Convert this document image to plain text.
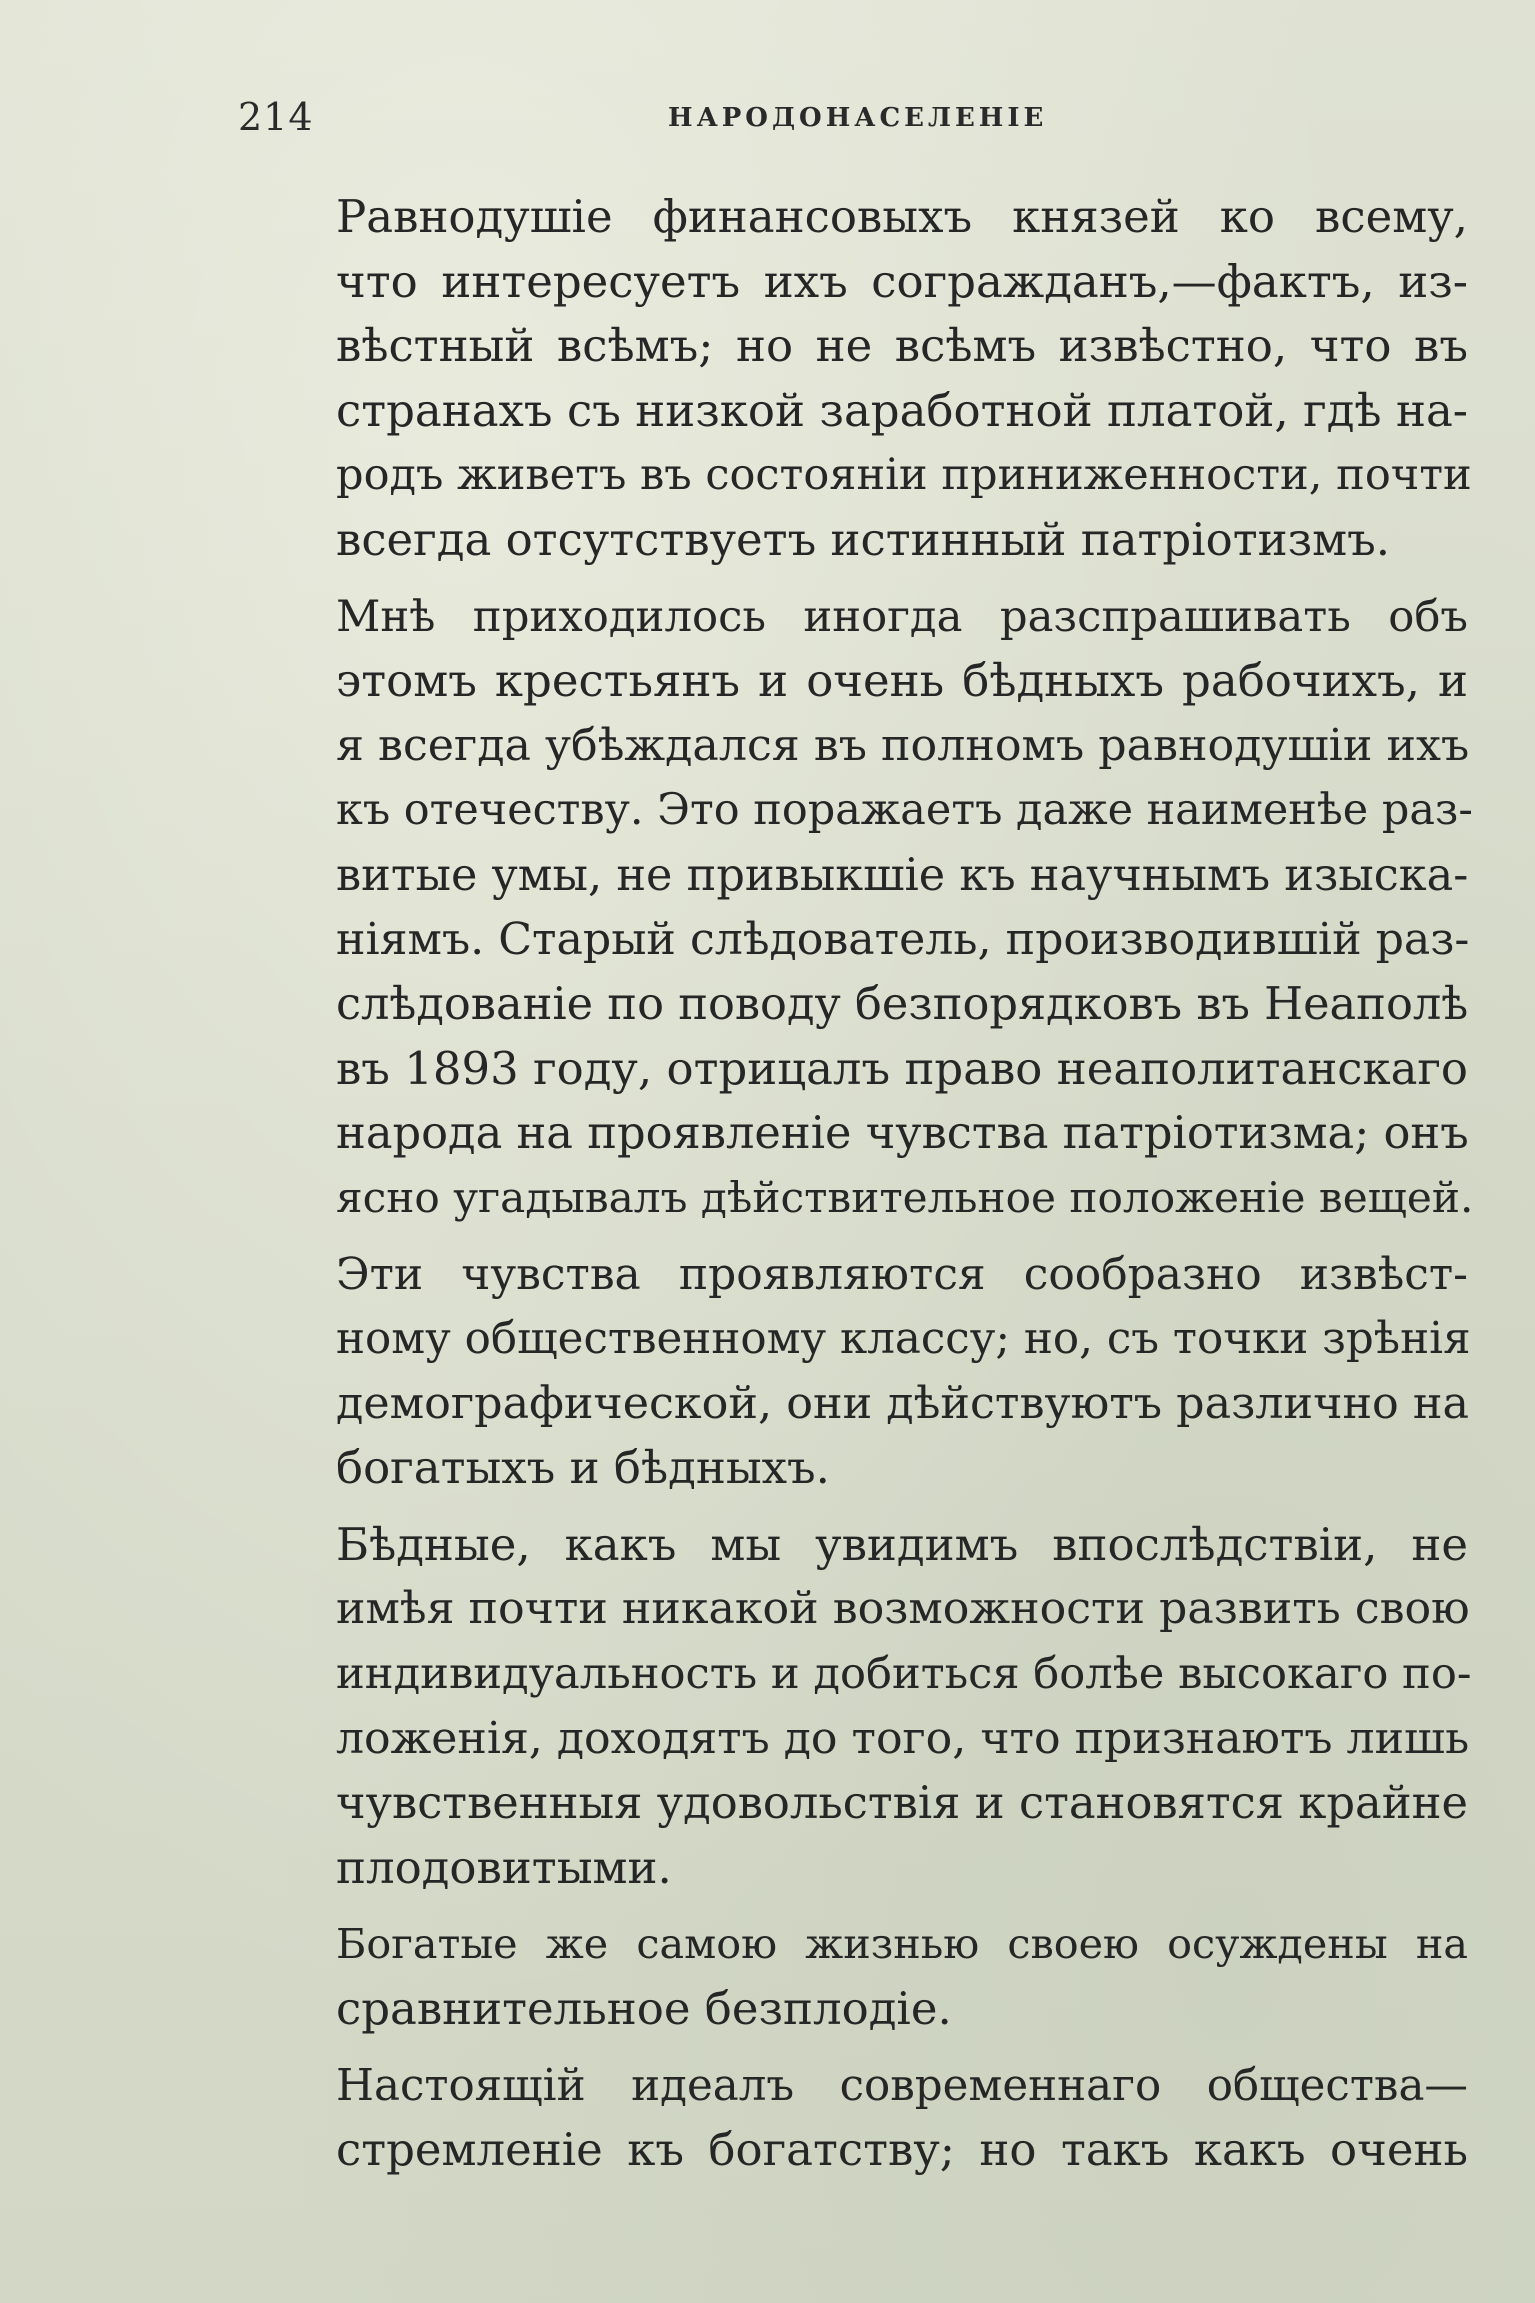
214	НАРОДОНАСЕЛЕНІЕ

Равнодушіе финансовыхъ князей ко всему,
что интересуетъ ихъ согражданъ,—фактъ, из-
вѣстный всѣмъ; но не всѣмъ извѣстно, что въ
странахъ съ низкой заработной платой, гдѣ на-
родъ живетъ въ состояніи приниженности, почти
всегда отсутствуетъ истинный патріотизмъ.

Мнѣ приходилось иногда разспрашивать объ
этомъ крестьянъ и очень бѣдныхъ рабочихъ, и
я всегда убѣждался въ полномъ равнодушіи ихъ
къ отечеству. Это поражаетъ даже наименѣе раз-
витые умы, не привыкшіе къ научнымъ изыска-
ніямъ. Старый слѣдователь, производившій раз-
слѣдованіе по поводу безпорядковъ въ Неаполѣ
въ 1893 году, отрицалъ право неаполитанскаго
народа на проявленіе чувства патріотизма; онъ
ясно угадывалъ дѣйствительное положеніе вещей.

Эти чувства проявляются сообразно извѣст-
ному общественному классу; но, съ точки зрѣнія
демографической, они дѣйствуютъ различно на
богатыхъ и бѣдныхъ.

Бѣдные, какъ мы увидимъ впослѣдствіи, не
имѣя почти никакой возможности развить свою
индивидуальность и добиться болѣе высокаго по-
ложенія, доходятъ до того, что признаютъ лишь
чувственныя удовольствія и становятся крайне
плодовитыми.

Богатые же самою жизнью своею осуждены на
сравнительное безплодіе.

Настоящій идеалъ современнаго общества—
стремленіе къ богатству; но такъ какъ очень
